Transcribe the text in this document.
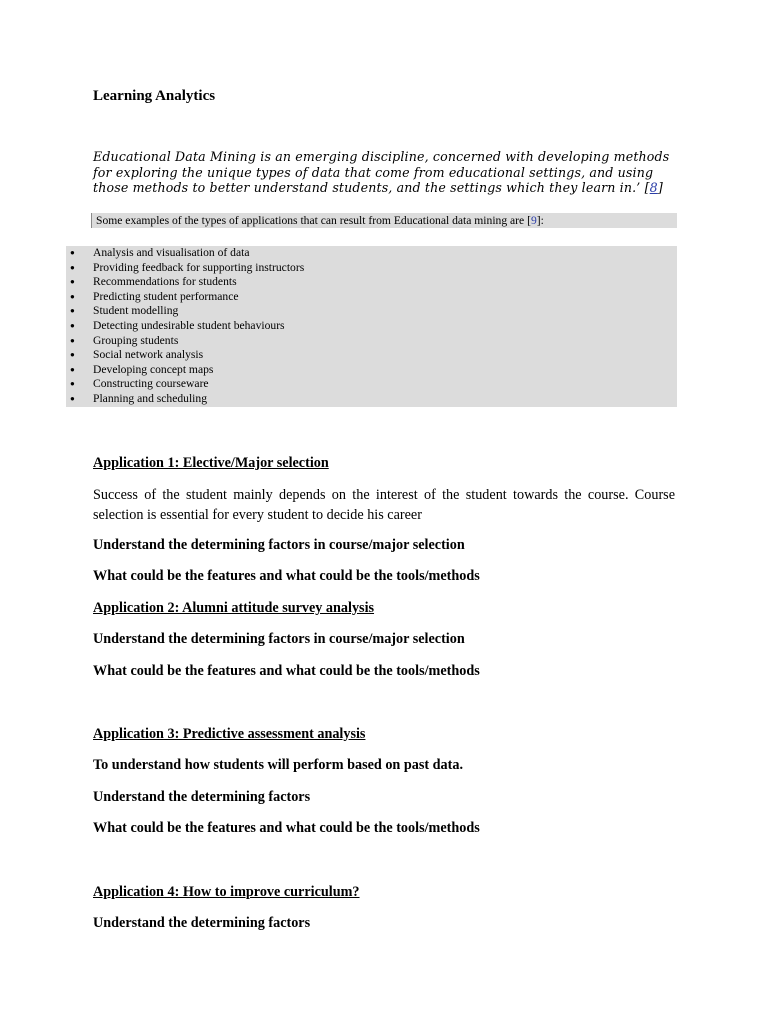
Learning Analytics
Educational Data Mining is an emerging discipline, concerned with developing methods for exploring the unique types of data that come from educational settings, and using those methods to better understand students, and the settings which they learn in.’ [8]
Some examples of the types of applications that can result from Educational data mining are [9]:
● Analysis and visualisation of data
● Providing feedback for supporting instructors
● Recommendations for students
● Predicting student performance
● Student modelling
● Detecting undesirable student behaviours
● Grouping students
● Social network analysis
● Developing concept maps
● Constructing courseware
● Planning and scheduling
Application 1: Elective/Major selection
Success of the student mainly depends on the interest of the student towards the course. Course selection is essential for every student to decide his career
Understand the determining factors in course/major selection
What could be the features and what could be the tools/methods
Application 2: Alumni attitude survey analysis
Understand the determining factors in course/major selection
What could be the features and what could be the tools/methods
Application 3: Predictive assessment analysis
To understand how students will perform based on past data.
Understand the determining factors
What could be the features and what could be the tools/methods
Application 4: How to improve curriculum?
Understand the determining factors
